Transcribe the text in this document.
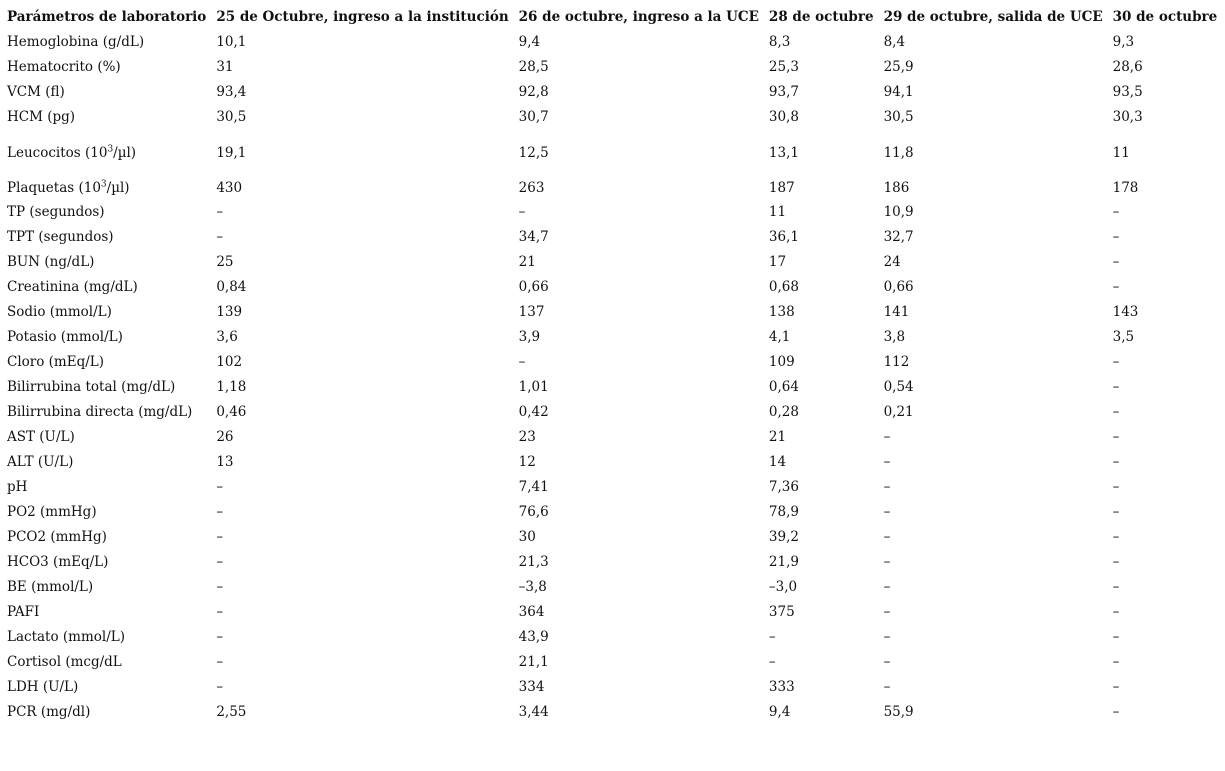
Parámetros de laboratorio	25 de Octubre, ingreso a la institución	26 de octubre, ingreso a la UCE	28 de octubre	29 de octubre, salida de UCE	30 de octubre
Hemoglobina (g/dL)	10,1	9,4	8,3	8,4	9,3
Hematocrito (%)	31	28,5	25,3	25,9	28,6
VCM (fl)	93,4	92,8	93,7	94,1	93,5
HCM (pg)	30,5	30,7	30,8	30,5	30,3
Leucocitos $(10^3/\mu l)$	19,1	12,5	13,1	11,8	11
Plaquetas $(10^3/\mu l)$	430	263	187	186	178
TP (segundos)	–	–	11	10,9	–
TPT (segundos)	–	34,7	36,1	32,7	–
BUN (ng/dL)	25	21	17	24	–
Creatinina (mg/dL)	0,84	0,66	0,68	0,66	–
Sodio (mmol/L)	139	137	138	141	143
Potasio (mmol/L)	3,6	3,9	4,1	3,8	3,5
Cloro (mEq/L)	102	–	109	112	–
Bilirrubina total (mg/dL)	1,18	1,01	0,64	0,54	–
Bilirrubina directa (mg/dL)	0,46	0,42	0,28	0,21	–
AST (U/L)	26	23	21	–	–
ALT (U/L)	13	12	14	–	–
pH	–	7,41	7,36	–	–
PO2 (mmHg)	–	76,6	78,9	–	–
PCO2 (mmHg)	–	30	39,2	–	–
HCO3 (mEq/L)	–	21,3	21,9	–	–
BE (mmol/L)	–	–3,8	–3,0	–	–
PAFI	–	364	375	–	–
Lactato (mmol/L)	–	43,9	–	–	–
Cortisol (mcg/dL	–	21,1	–	–	–
LDH (U/L)	–	334	333	–	–
PCR (mg/dl)	2,55	3,44	9,4	55,9	–
